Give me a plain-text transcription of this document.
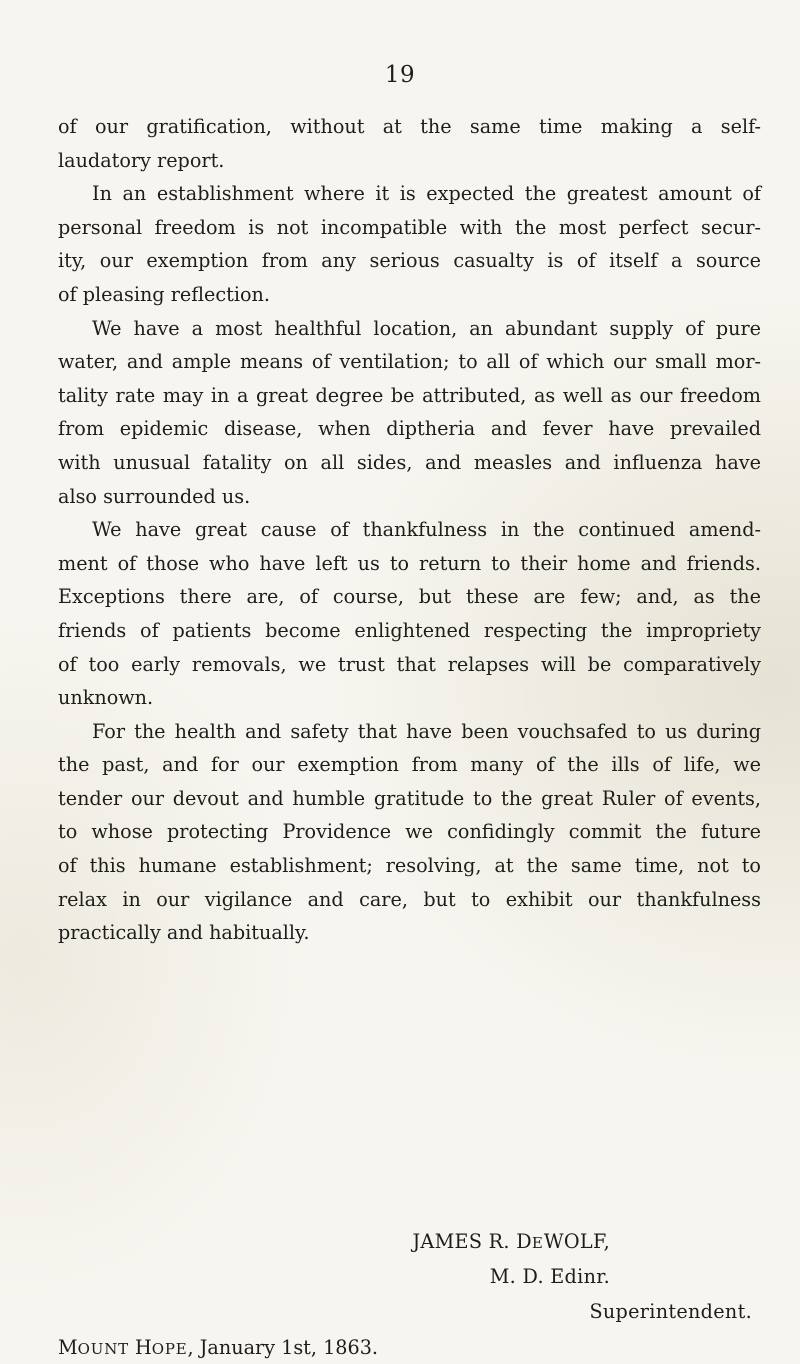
19
of our gratification, without at the same time making a self-
laudatory report.
In an establishment where it is expected the greatest amount of
personal freedom is not incompatible with the most perfect secur-
ity, our exemption from any serious casualty is of itself a source
of pleasing reflection.
We have a most healthful location, an abundant supply of pure
water, and ample means of ventilation; to all of which our small mor-
tality rate may in a great degree be attributed, as well as our freedom
from epidemic disease, when diptheria and fever have prevailed
with unusual fatality on all sides, and measles and influenza have
also surrounded us.
We have great cause of thankfulness in the continued amend-
ment of those who have left us to return to their home and friends.
Exceptions there are, of course, but these are few; and, as the
friends of patients become enlightened respecting the impropriety
of too early removals, we trust that relapses will be comparatively
unknown.
For the health and safety that have been vouchsafed to us during
the past, and for our exemption from many of the ills of life, we
tender our devout and humble gratitude to the great Ruler of events,
to whose protecting Providence we confidingly commit the future
of this humane establishment; resolving, at the same time, not to
relax in our vigilance and care, but to exhibit our thankfulness
practically and habitually.
JAMES R. DEWOLF,
M. D. Edinr.
Superintendent.
MOUNT HOPE, January 1st, 1863.
